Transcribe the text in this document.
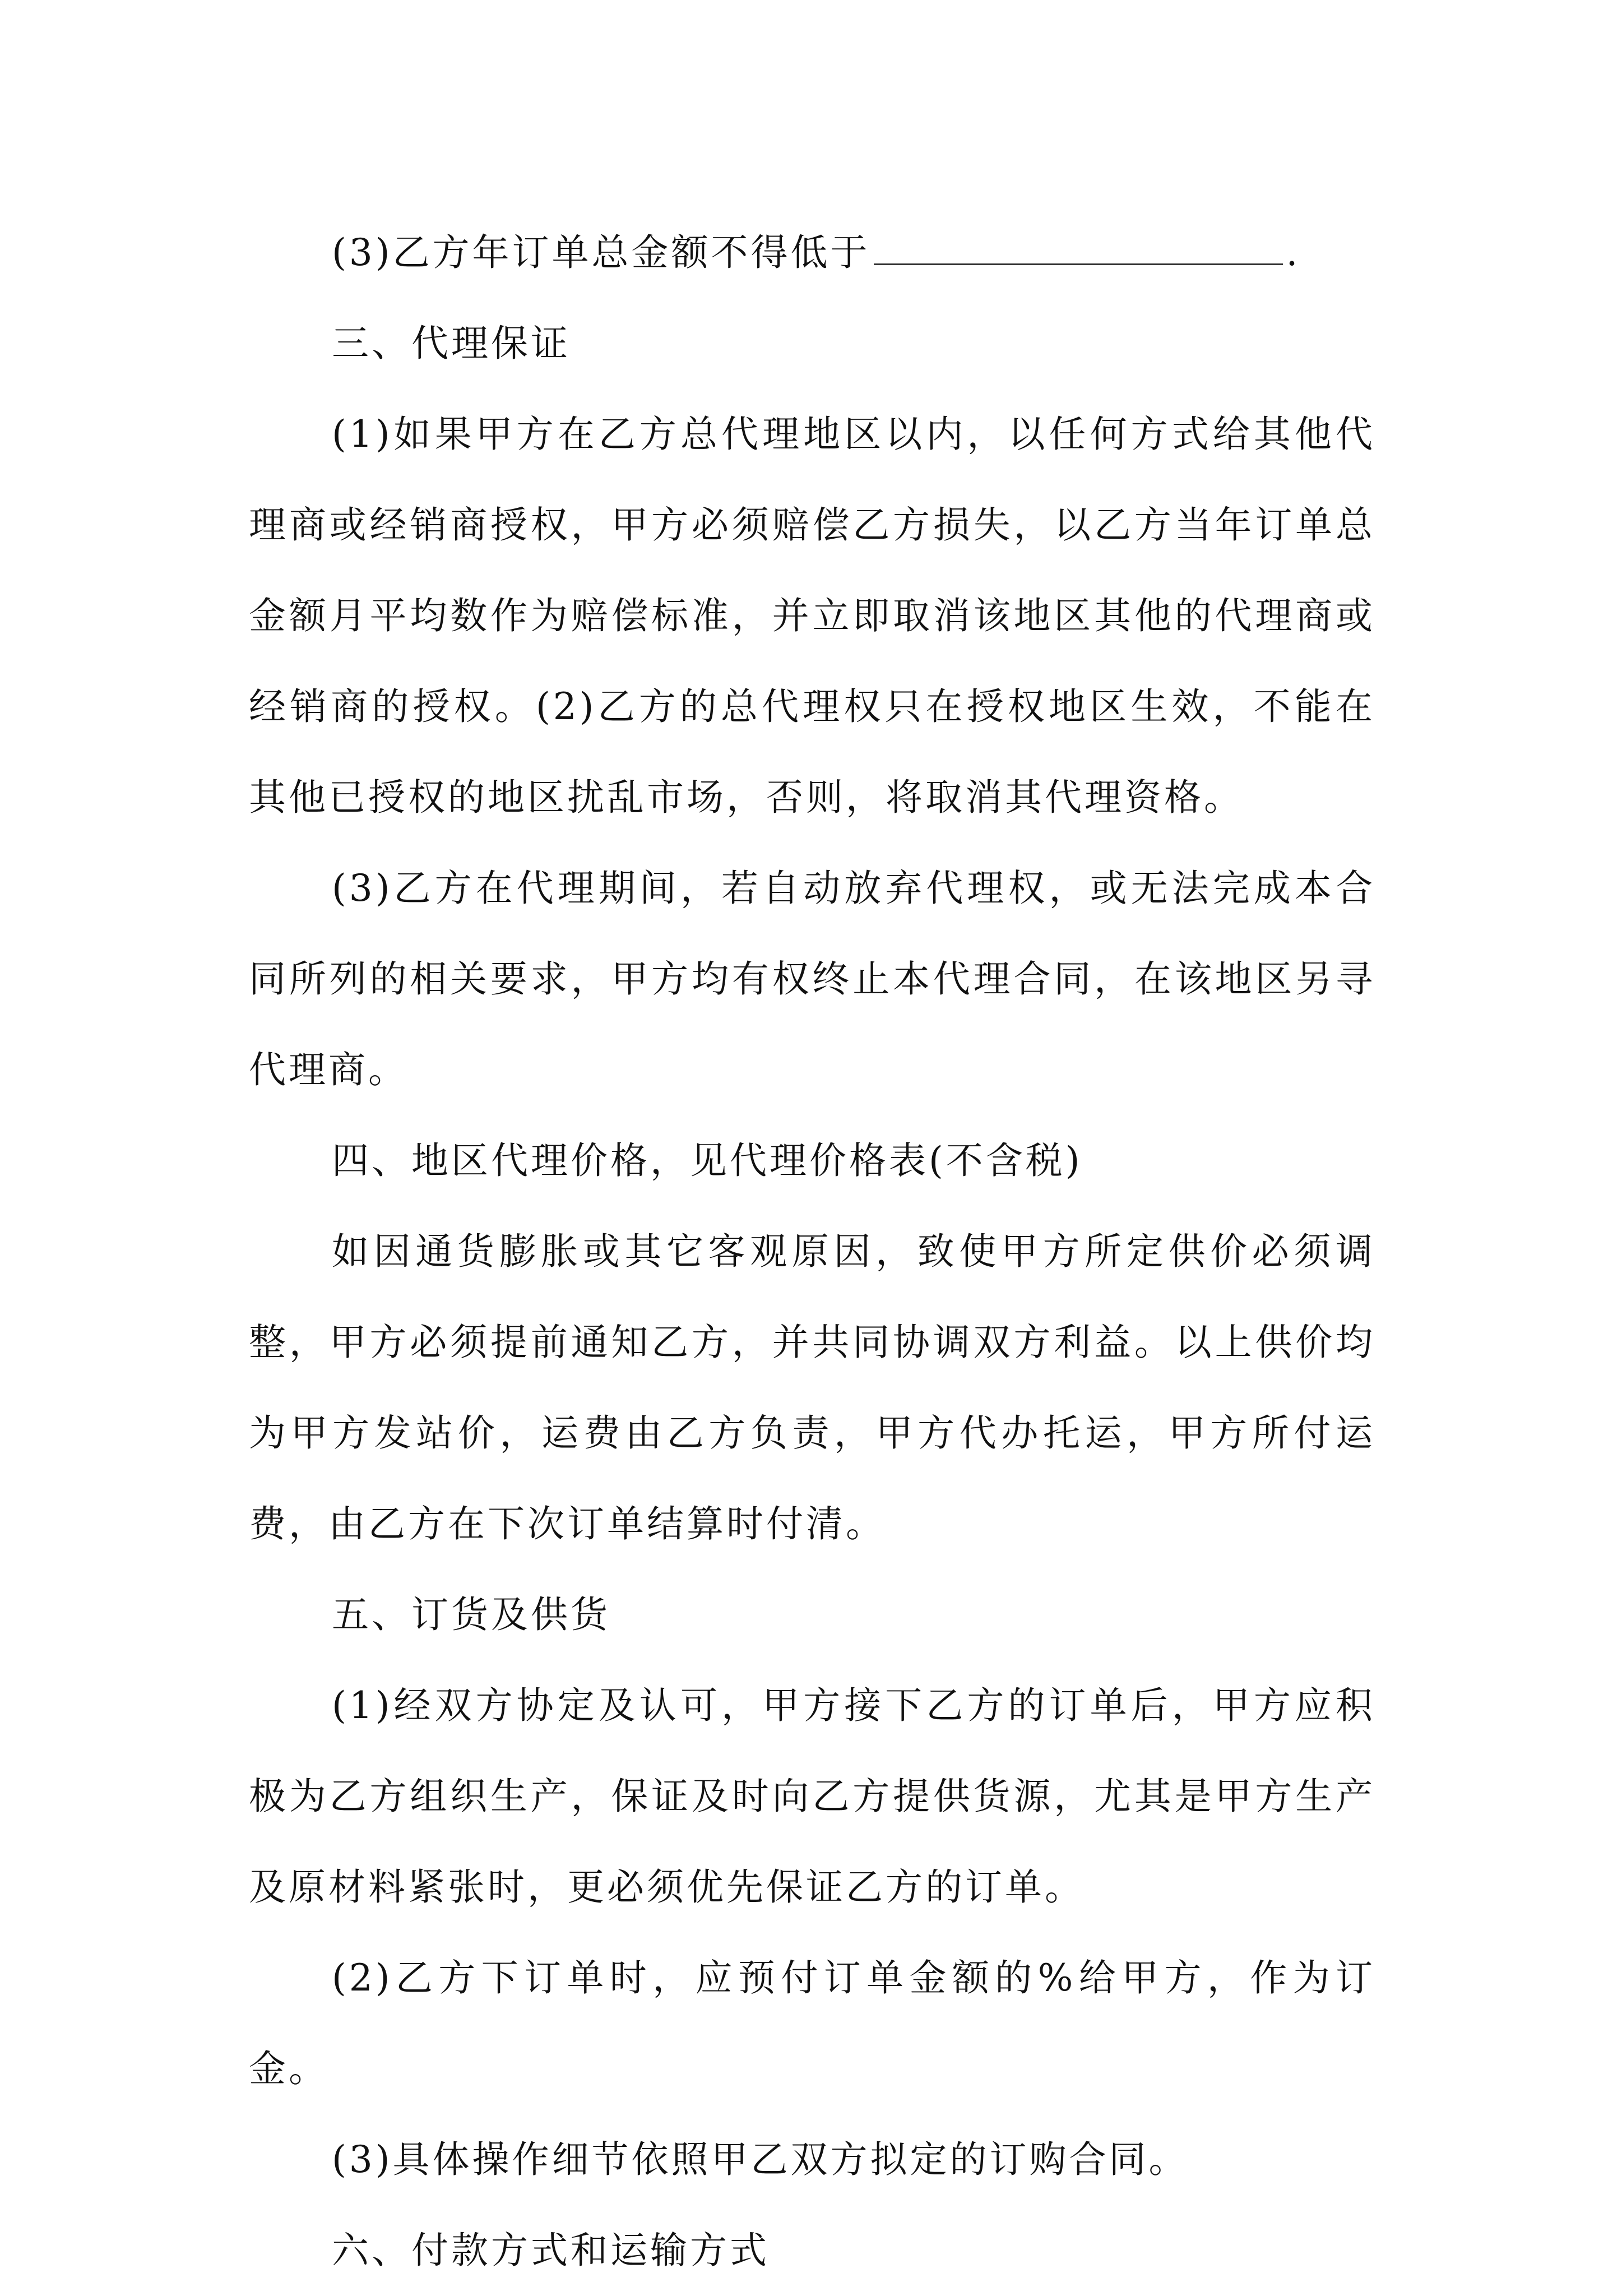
(3)乙方年订单总金额不得低于	.

三、代理保证

(1)如果甲方在乙方总代理地区以内，以任何方式给其他代理商或经销商授权，甲方必须赔偿乙方损失，以乙方当年订单总金额月平均数作为赔偿标准，并立即取消该地区其他的代理商或经销商的授权。(2)乙方的总代理权只在授权地区生效，不能在其他已授权的地区扰乱市场，否则，将取消其代理资格。

(3)乙方在代理期间，若自动放弃代理权，或无法完成本合同所列的相关要求，甲方均有权终止本代理合同，在该地区另寻代理商。

四、地区代理价格，见代理价格表(不含税)

如因通货膨胀或其它客观原因，致使甲方所定供价必须调整，甲方必须提前通知乙方，并共同协调双方利益。以上供价均为甲方发站价，运费由乙方负责，甲方代办托运，甲方所付运费，由乙方在下次订单结算时付清。

五、订货及供货

(1)经双方协定及认可，甲方接下乙方的订单后，甲方应积极为乙方组织生产，保证及时向乙方提供货源，尤其是甲方生产及原材料紧张时，更必须优先保证乙方的订单。

(2)乙方下订单时，应预付订单金额的%给甲方，作为订金。

(3)具体操作细节依照甲乙双方拟定的订购合同。

六、付款方式和运输方式
